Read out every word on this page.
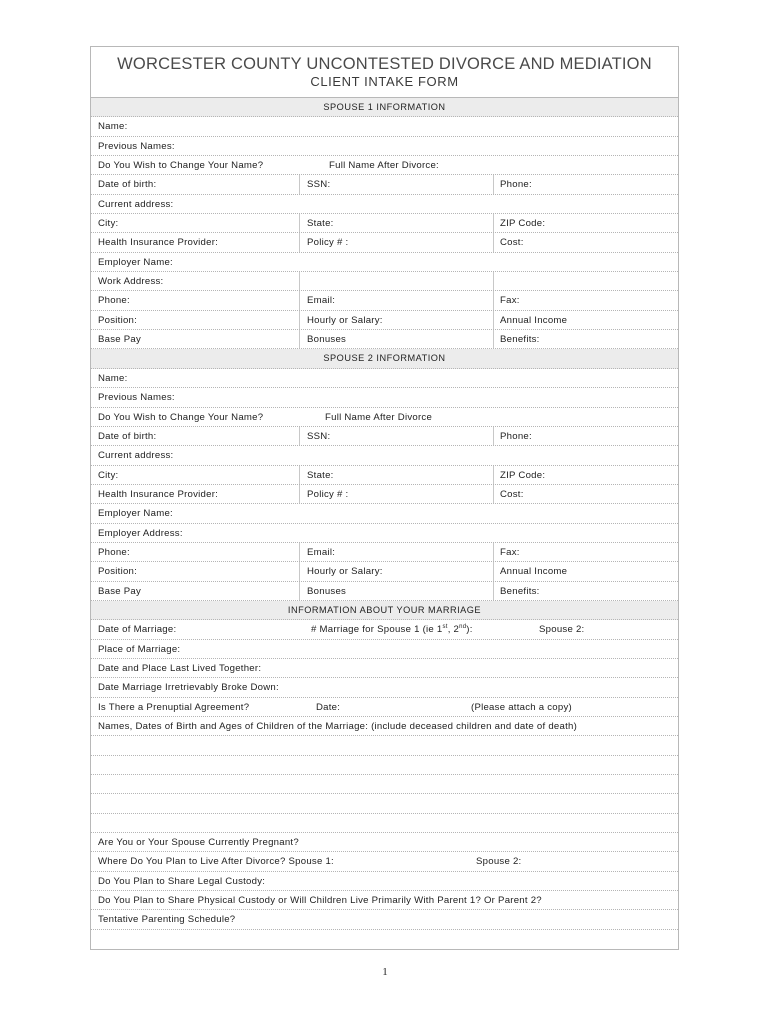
WORCESTER COUNTY UNCONTESTED DIVORCE AND MEDIATION
CLIENT INTAKE FORM
SPOUSE 1 INFORMATION
Name:
Previous Names:
Do You Wish to Change Your Name?	Full Name After Divorce:
Date of birth:	SSN:	Phone:
Current address:
City:	State:	ZIP Code:
Health Insurance Provider:	Policy # :	Cost:
Employer Name:
Work Address:
Phone:	Email:	Fax:
Position:	Hourly or Salary:	Annual Income
Base Pay	Bonuses	Benefits:
SPOUSE 2 INFORMATION
Name:
Previous Names:
Do You Wish to Change Your Name?	Full Name After Divorce
Date of birth:	SSN:	Phone:
Current address:
City:	State:	ZIP Code:
Health Insurance Provider:	Policy # :	Cost:
Employer Name:
Employer Address:
Phone:	Email:	Fax:
Position:	Hourly or Salary:	Annual Income
Base Pay	Bonuses	Benefits:
INFORMATION ABOUT YOUR MARRIAGE
Date of Marriage:	# Marriage for Spouse 1 (ie 1st, 2nd):	Spouse 2:
Place of Marriage:
Date and Place Last Lived Together:
Date Marriage Irretrievably Broke Down:
Is There a Prenuptial Agreement?	Date:	(Please attach a copy)
Names, Dates of Birth and Ages of Children of the Marriage: (include deceased children and date of death)
Are You or Your Spouse Currently Pregnant?
Where Do You Plan to Live After Divorce? Spouse 1:	Spouse 2:
Do You Plan to Share Legal Custody:
Do You Plan to Share Physical Custody or Will Children Live Primarily With Parent 1? Or Parent 2?
Tentative Parenting Schedule?
1
